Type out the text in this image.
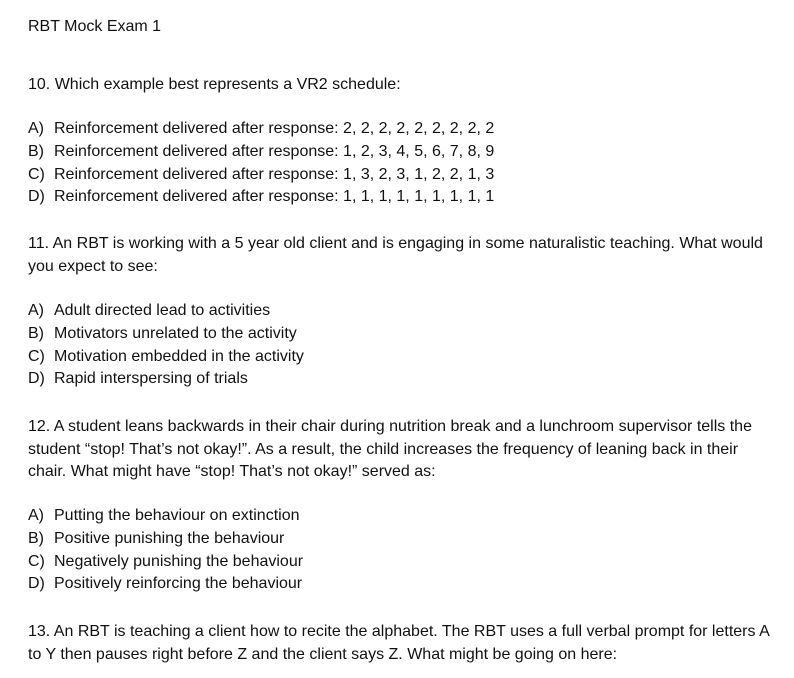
RBT Mock Exam 1

10. Which example best represents a VR2 schedule:

A) Reinforcement delivered after response: 2, 2, 2, 2, 2, 2, 2, 2, 2
B) Reinforcement delivered after response: 1, 2, 3, 4, 5, 6, 7, 8, 9
C) Reinforcement delivered after response: 1, 3, 2, 3, 1, 2, 2, 1, 3
D) Reinforcement delivered after response: 1, 1, 1, 1, 1, 1, 1, 1, 1

11. An RBT is working with a 5 year old client and is engaging in some naturalistic teaching. What would you expect to see:

A) Adult directed lead to activities
B) Motivators unrelated to the activity
C) Motivation embedded in the activity
D) Rapid interspersing of trials

12. A student leans backwards in their chair during nutrition break and a lunchroom supervisor tells the student “stop! That’s not okay!”. As a result, the child increases the frequency of leaning back in their chair. What might have “stop! That’s not okay!” served as:

A) Putting the behaviour on extinction
B) Positive punishing the behaviour
C) Negatively punishing the behaviour
D) Positively reinforcing the behaviour

13. An RBT is teaching a client how to recite the alphabet. The RBT uses a full verbal prompt for letters A to Y then pauses right before Z and the client says Z. What might be going on here:
